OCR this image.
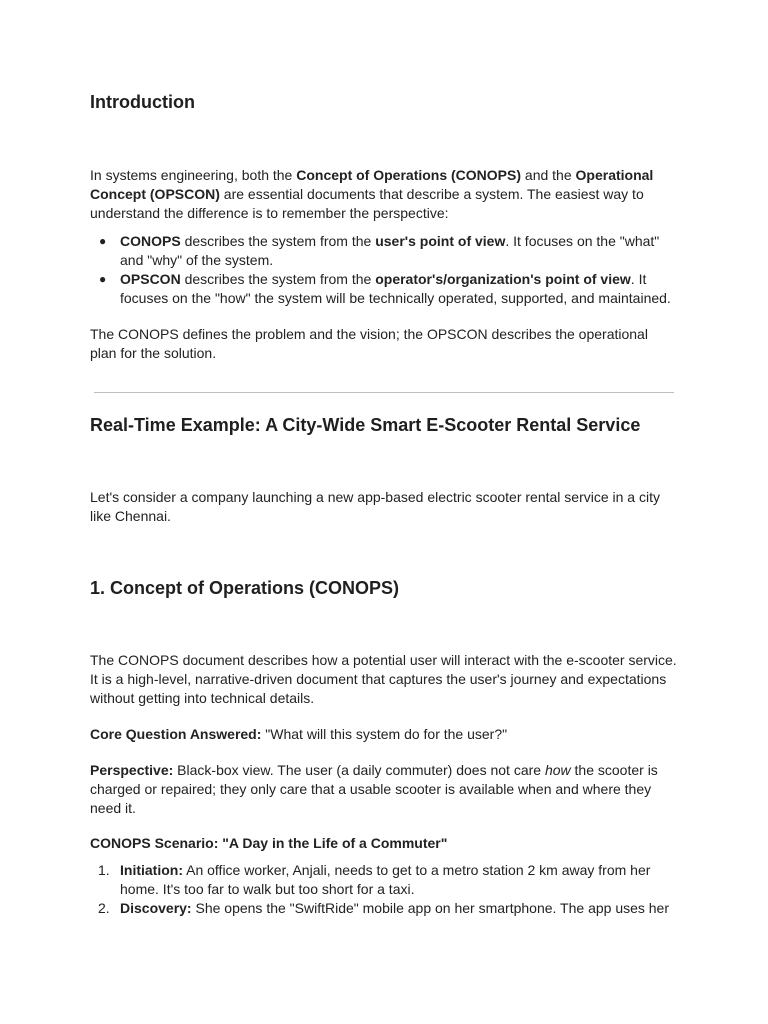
Introduction

In systems engineering, both the Concept of Operations (CONOPS) and the Operational Concept (OPSCON) are essential documents that describe a system. The easiest way to understand the difference is to remember the perspective:

● CONOPS describes the system from the user's point of view. It focuses on the "what" and "why" of the system.
● OPSCON describes the system from the operator's/organization's point of view. It focuses on the "how" the system will be technically operated, supported, and maintained.

The CONOPS defines the problem and the vision; the OPSCON describes the operational plan for the solution.

Real-Time Example: A City-Wide Smart E-Scooter Rental Service

Let's consider a company launching a new app-based electric scooter rental service in a city like Chennai.

1. Concept of Operations (CONOPS)

The CONOPS document describes how a potential user will interact with the e-scooter service. It is a high-level, narrative-driven document that captures the user's journey and expectations without getting into technical details.

Core Question Answered: "What will this system do for the user?"

Perspective: Black-box view. The user (a daily commuter) does not care how the scooter is charged or repaired; they only care that a usable scooter is available when and where they need it.

CONOPS Scenario: "A Day in the Life of a Commuter"

1. Initiation: An office worker, Anjali, needs to get to a metro station 2 km away from her home. It's too far to walk but too short for a taxi.
2. Discovery: She opens the "SwiftRide" mobile app on her smartphone. The app uses her
